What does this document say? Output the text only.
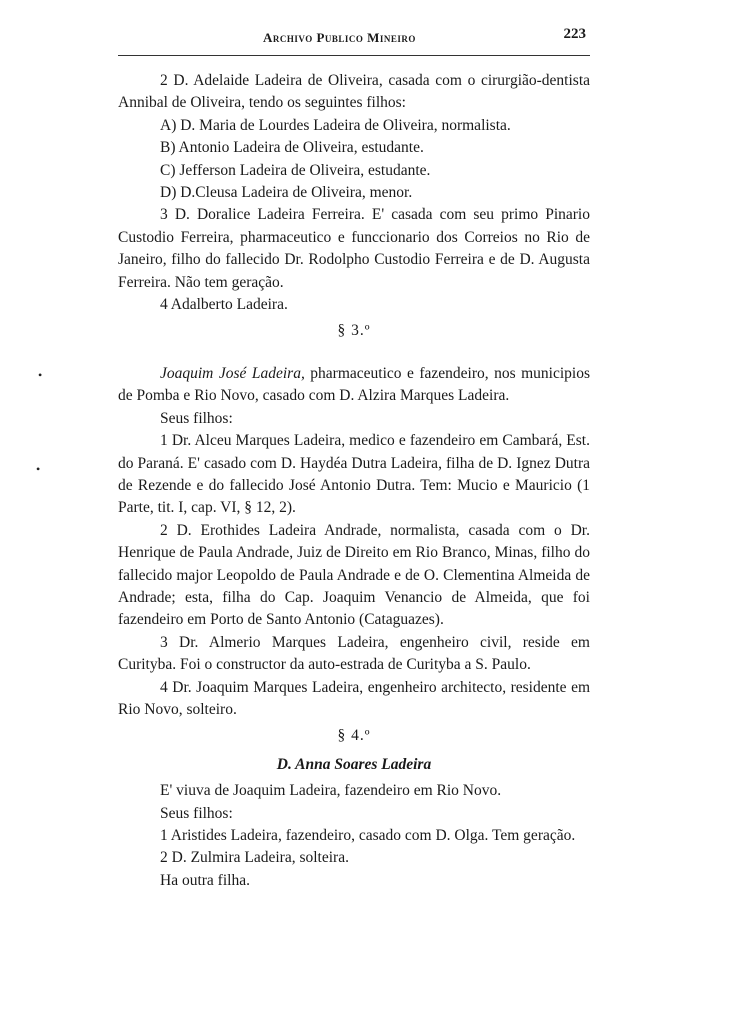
Archivo Publico Mineiro	223
•
•

2 D. Adelaide Ladeira de Oliveira, casada com o cirurgião-dentista Annibal de Oliveira, tendo os seguintes filhos:

A) D. Maria de Lourdes Ladeira de Oliveira, normalista.

B) Antonio Ladeira de Oliveira, estudante.

C) Jefferson Ladeira de Oliveira, estudante.

D) D.Cleusa Ladeira de Oliveira, menor.

3 D. Doralice Ladeira Ferreira. E' casada com seu primo Pinario Custodio Ferreira, pharmaceutico e funccionario dos Correios no Rio de Janeiro, filho do fallecido Dr. Rodolpho Custodio Ferreira e de D. Augusta Ferreira. Não tem geração.

4 Adalberto Ladeira.

§ 3.º

Joaquim José Ladeira, pharmaceutico e fazendeiro, nos municipios de Pomba e Rio Novo, casado com D. Alzira Marques Ladeira.

Seus filhos:

1 Dr. Alceu Marques Ladeira, medico e fazendeiro em Cambará, Est. do Paraná. E' casado com D. Haydéa Dutra Ladeira, filha de D. Ignez Dutra de Rezende e do fallecido José Antonio Dutra. Tem: Mucio e Mauricio (1 Parte, tit. I, cap. VI, § 12, 2).

2 D. Erothides Ladeira Andrade, normalista, casada com o Dr. Henrique de Paula Andrade, Juiz de Direito em Rio Branco, Minas, filho do fallecido major Leopoldo de Paula Andrade e de O. Clementina Almeida de Andrade; esta, filha do Cap. Joaquim Venancio de Almeida, que foi fazendeiro em Porto de Santo Antonio (Cataguazes).

3 Dr. Almerio Marques Ladeira, engenheiro civil, reside em Curityba. Foi o constructor da auto-estrada de Curityba a S. Paulo.

4 Dr. Joaquim Marques Ladeira, engenheiro architecto, residente em Rio Novo, solteiro.

§ 4.º

D. Anna Soares Ladeira

E' viuva de Joaquim Ladeira, fazendeiro em Rio Novo.

Seus filhos:

1 Aristides Ladeira, fazendeiro, casado com D. Olga. Tem geração.

2 D. Zulmira Ladeira, solteira.

Ha outra filha.
